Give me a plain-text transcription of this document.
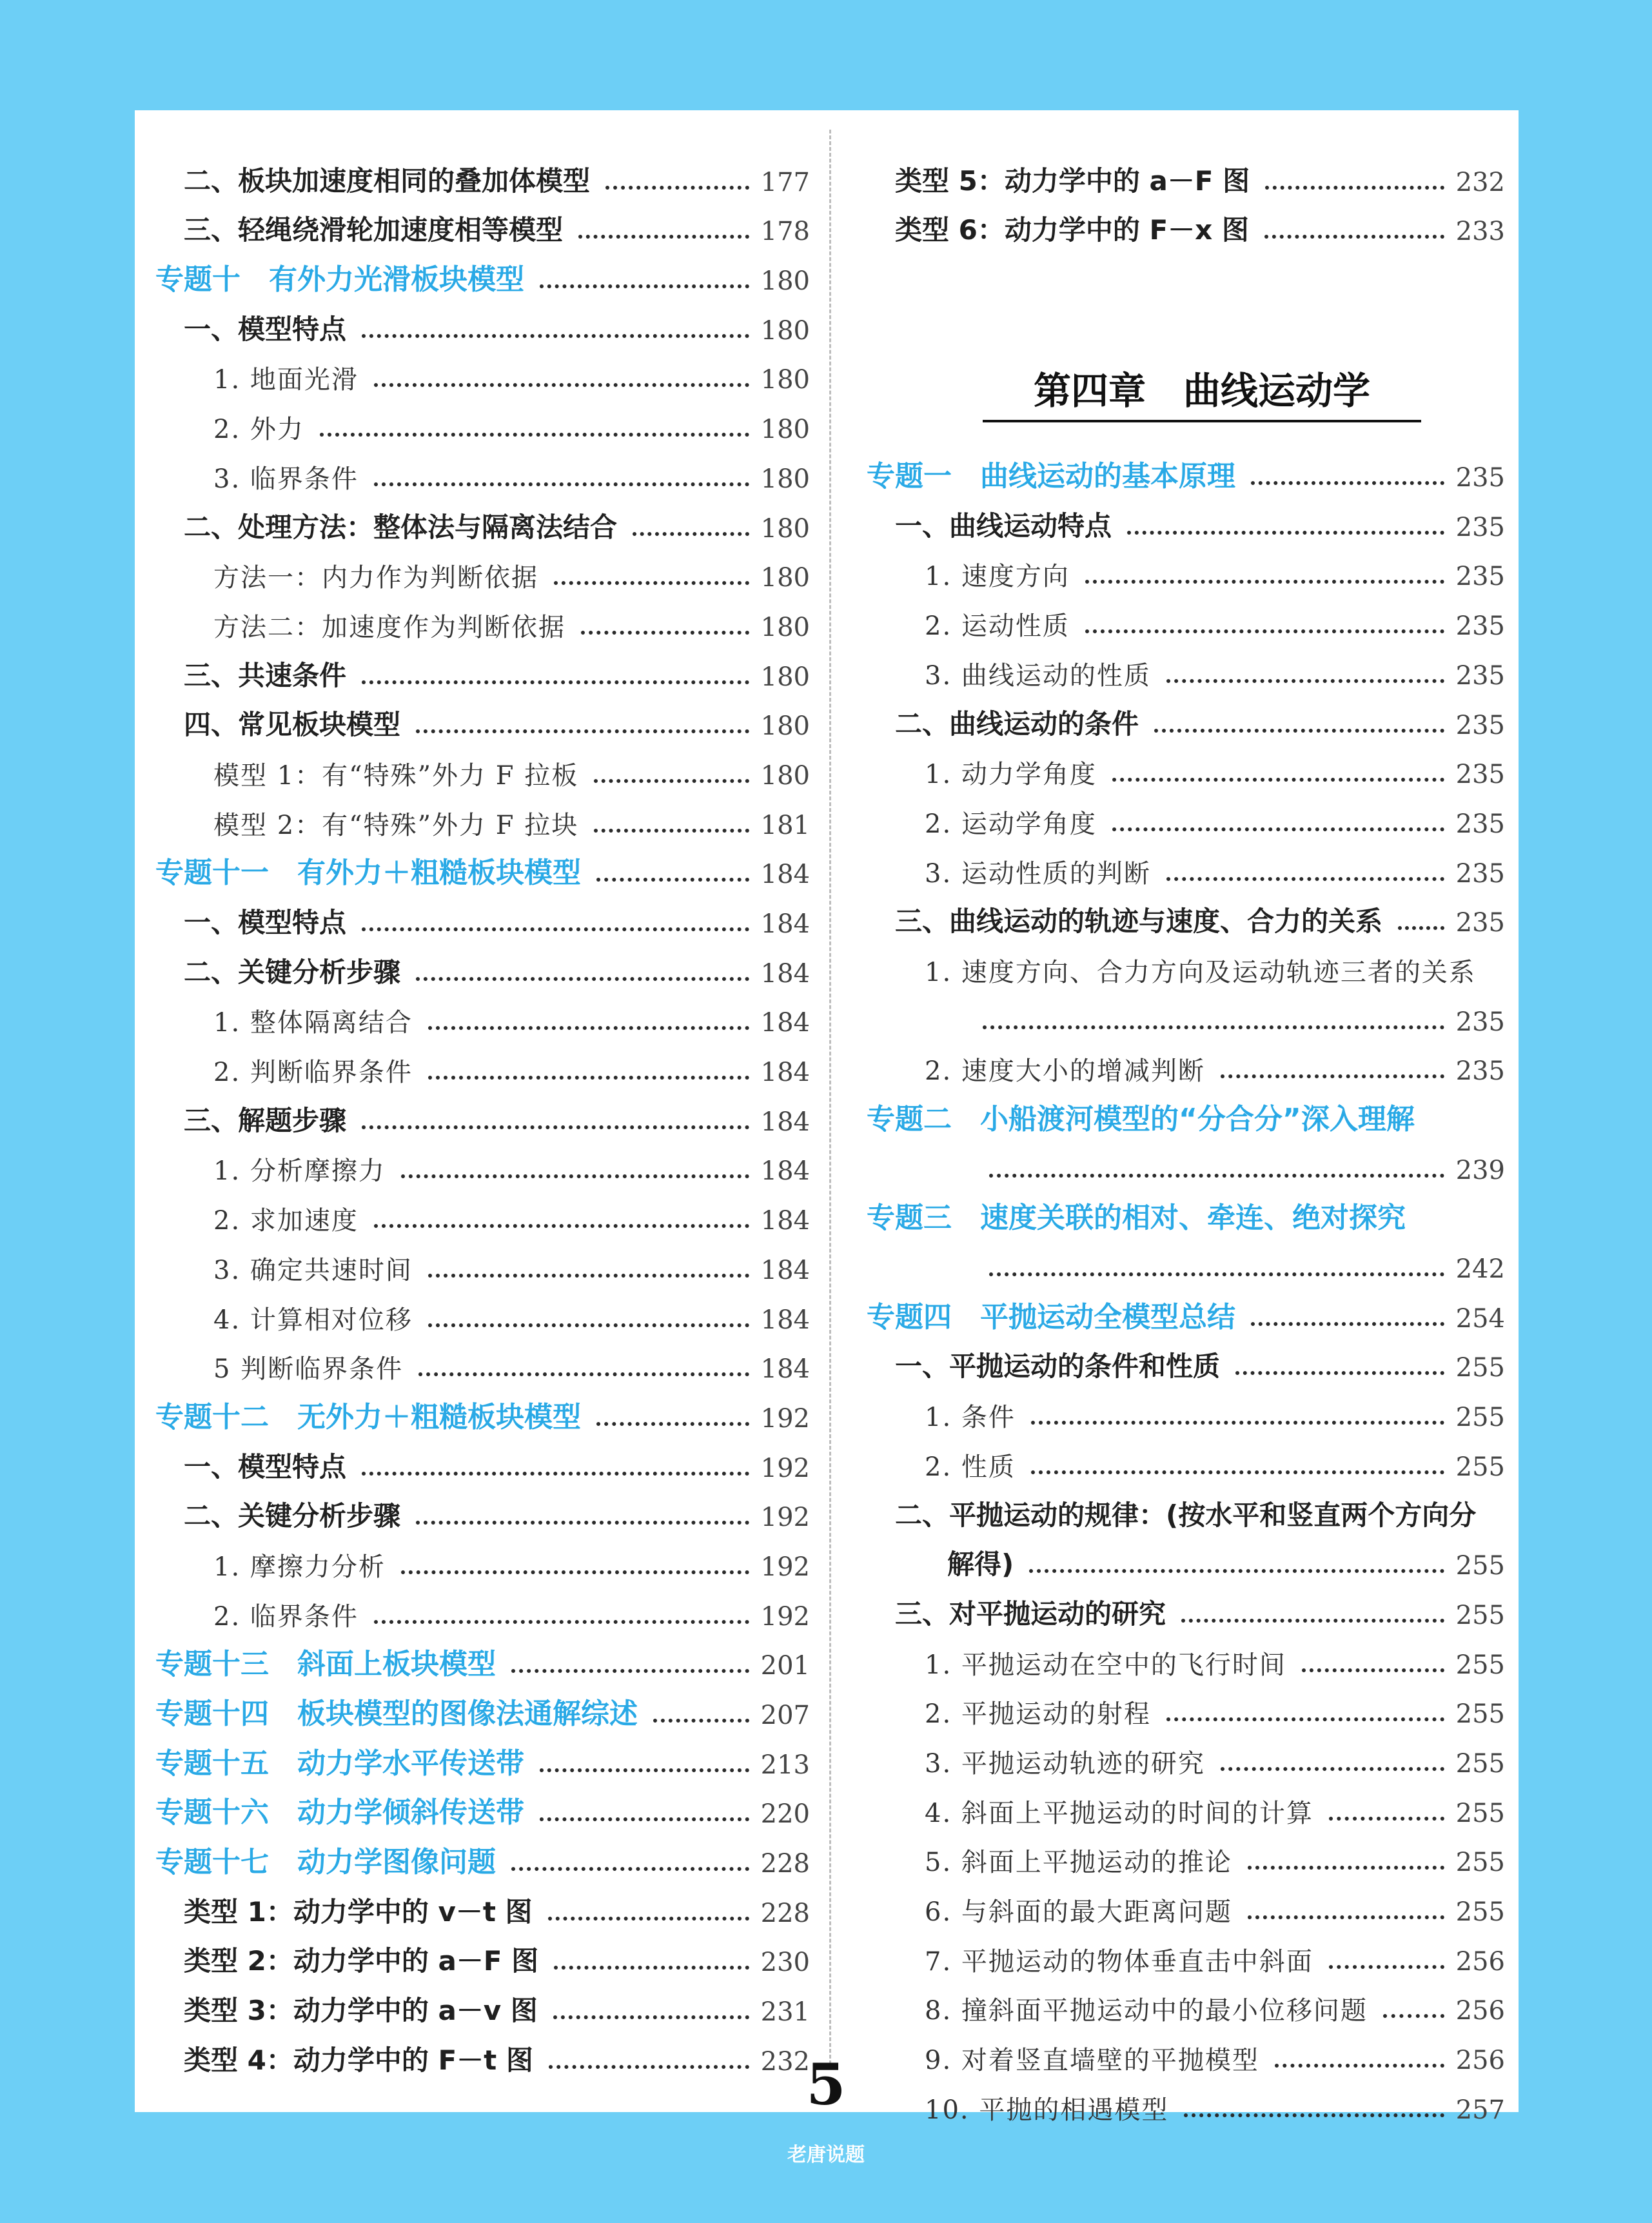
二、板块加速度相同的叠加体模型	177
三、轻绳绕滑轮加速度相等模型	178
专题十　有外力光滑板块模型	180
一、模型特点	180
1. 地面光滑	180
2. 外力	180
3. 临界条件	180
二、处理方法：整体法与隔离法结合	180
方法一：内力作为判断依据	180
方法二：加速度作为判断依据	180
三、共速条件	180
四、常见板块模型	180
模型 1：有“特殊”外力 F 拉板	180
模型 2：有“特殊”外力 F 拉块	181
专题十一　有外力＋粗糙板块模型	184
一、模型特点	184
二、关键分析步骤	184
1. 整体隔离结合	184
2. 判断临界条件	184
三、解题步骤	184
1. 分析摩擦力	184
2. 求加速度	184
3. 确定共速时间	184
4. 计算相对位移	184
5 判断临界条件	184
专题十二　无外力＋粗糙板块模型	192
一、模型特点	192
二、关键分析步骤	192
1. 摩擦力分析	192
2. 临界条件	192
专题十三　斜面上板块模型	201
专题十四　板块模型的图像法通解综述	207
专题十五　动力学水平传送带	213
专题十六　动力学倾斜传送带	220
专题十七　动力学图像问题	228
类型 1：动力学中的 v－t 图	228
类型 2：动力学中的 a－F 图	230
类型 3：动力学中的 a－v 图	231
类型 4：动力学中的 F－t 图	232
类型 5：动力学中的 a－F 图	232
类型 6：动力学中的 F－x 图	233
第四章　曲线运动学
专题一　曲线运动的基本原理	235
一、曲线运动特点	235
1. 速度方向	235
2. 运动性质	235
3. 曲线运动的性质	235
二、曲线运动的条件	235
1. 动力学角度	235
2. 运动学角度	235
3. 运动性质的判断	235
三、曲线运动的轨迹与速度、合力的关系	235
1. 速度方向、合力方向及运动轨迹三者的关系
235
2. 速度大小的增减判断	235
专题二　小船渡河模型的“分合分”深入理解
239
专题三　速度关联的相对、牵连、绝对探究
242
专题四　平抛运动全模型总结	254
一、平抛运动的条件和性质	255
1. 条件	255
2. 性质	255
二、平抛运动的规律：(按水平和竖直两个方向分
解得)	255
三、对平抛运动的研究	255
1. 平抛运动在空中的飞行时间	255
2. 平抛运动的射程	255
3. 平抛运动轨迹的研究	255
4. 斜面上平抛运动的时间的计算	255
5. 斜面上平抛运动的推论	255
6. 与斜面的最大距离问题	255
7. 平抛运动的物体垂直击中斜面	256
8. 撞斜面平抛运动中的最小位移问题	256
9. 对着竖直墙壁的平抛模型	256
10. 平抛的相遇模型	257
5
老唐说题
